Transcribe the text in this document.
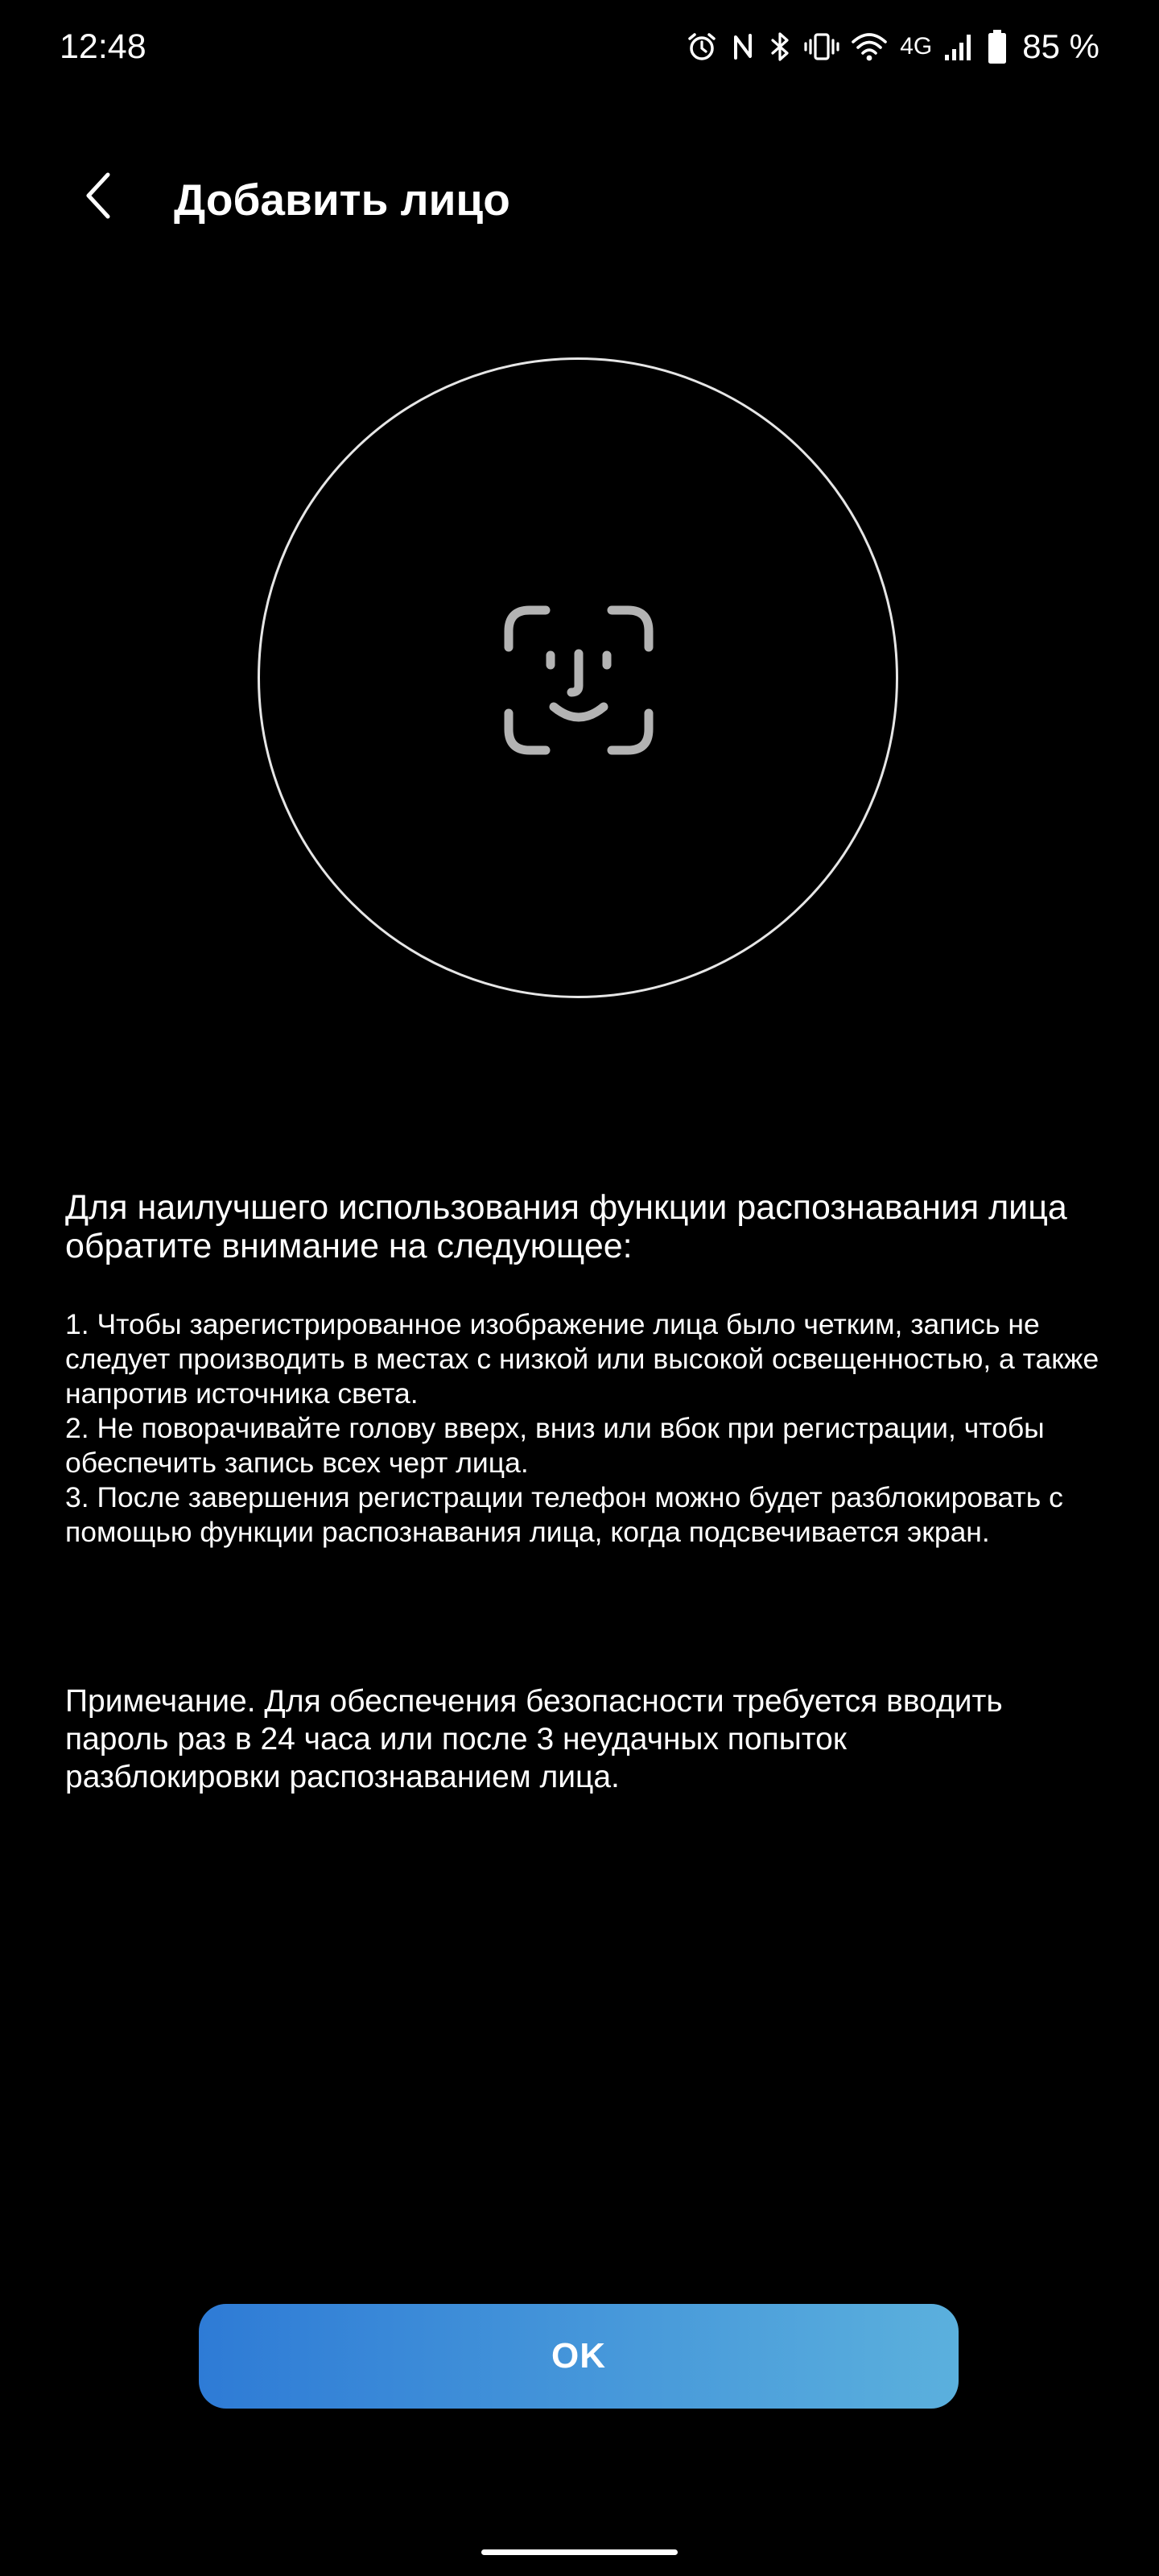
12:48	4G	85 %
Добавить лицо
Для наилучшего использования функции распознавания лица обратите внимание на следующее:
1. Чтобы зарегистрированное изображение лица было четким, запись не следует производить в местах с низкой или высокой освещенностью, а также напротив источника света.
2. Не поворачивайте голову вверх, вниз или вбок при регистрации, чтобы обеспечить запись всех черт лица.
3. После завершения регистрации телефон можно будет разблокировать с помощью функции распознавания лица, когда подсвечивается экран.
Примечание. Для обеспечения безопасности требуется вводить пароль раз в 24 часа или после 3 неудачных попыток разблокировки распознаванием лица.
OK
